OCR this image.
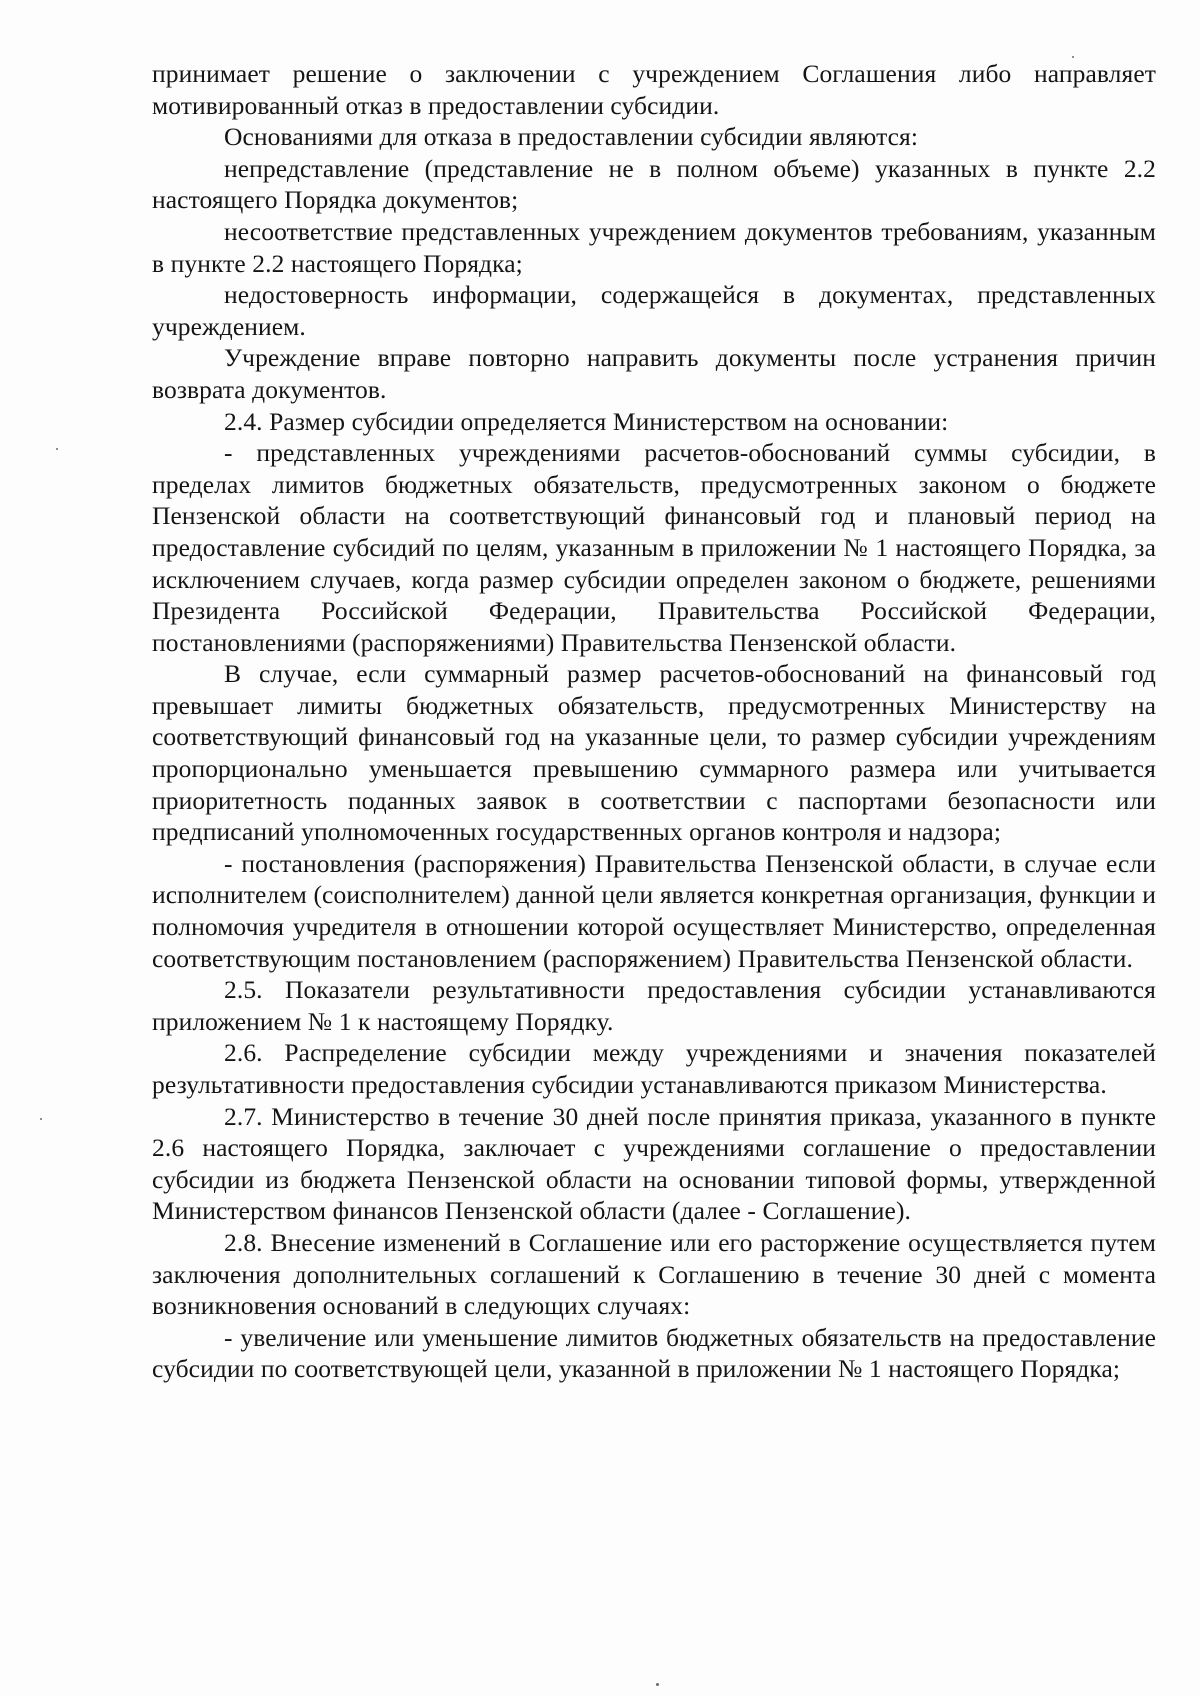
принимает решение о заключении с учреждением Соглашения либо направляет мотивированный отказ в предоставлении субсидии.

Основаниями для отказа в предоставлении субсидии являются:

непредставление (представление не в полном объеме) указанных в пункте 2.2 настоящего Порядка документов;

несоответствие представленных учреждением документов требованиям, указанным в пункте 2.2 настоящего Порядка;

недостоверность информации, содержащейся в документах, представленных учреждением.

Учреждение вправе повторно направить документы после устранения причин возврата документов.

2.4. Размер субсидии определяется Министерством на основании:

- представленных учреждениями расчетов-обоснований суммы субсидии, в пределах лимитов бюджетных обязательств, предусмотренных законом о бюджете Пензенской области на соответствующий финансовый год и плановый период на предоставление субсидий по целям, указанным в приложении № 1 настоящего Порядка, за исключением случаев, когда размер субсидии определен законом о бюджете, решениями Президента Российской Федерации, Правительства Российской Федерации, постановлениями (распоряжениями) Правительства Пензенской области.

В случае, если суммарный размер расчетов-обоснований на финансовый год превышает лимиты бюджетных обязательств, предусмотренных Министерству на соответствующий финансовый год на указанные цели, то размер субсидии учреждениям пропорционально уменьшается превышению суммарного размера или учитывается приоритетность поданных заявок в соответствии с паспортами безопасности или предписаний уполномоченных государственных органов контроля и надзора;

- постановления (распоряжения) Правительства Пензенской области, в случае если исполнителем (соисполнителем) данной цели является конкретная организация, функции и полномочия учредителя в отношении которой осуществляет Министерство, определенная соответствующим постановлением (распоряжением) Правительства Пензенской области.

2.5. Показатели результативности предоставления субсидии устанавливаются приложением № 1 к настоящему Порядку.

2.6. Распределение субсидии между учреждениями и значения показателей результативности предоставления субсидии устанавливаются приказом Министерства.

2.7. Министерство в течение 30 дней после принятия приказа, указанного в пункте 2.6 настоящего Порядка, заключает с учреждениями соглашение о предоставлении субсидии из бюджета Пензенской области на основании типовой формы, утвержденной Министерством финансов Пензенской области (далее - Соглашение).

2.8. Внесение изменений в Соглашение или его расторжение осуществляется путем заключения дополнительных соглашений к Соглашению в течение 30 дней с момента возникновения оснований в следующих случаях:

- увеличение или уменьшение лимитов бюджетных обязательств на предоставление субсидии по соответствующей цели, указанной в приложении № 1 настоящего Порядка;
